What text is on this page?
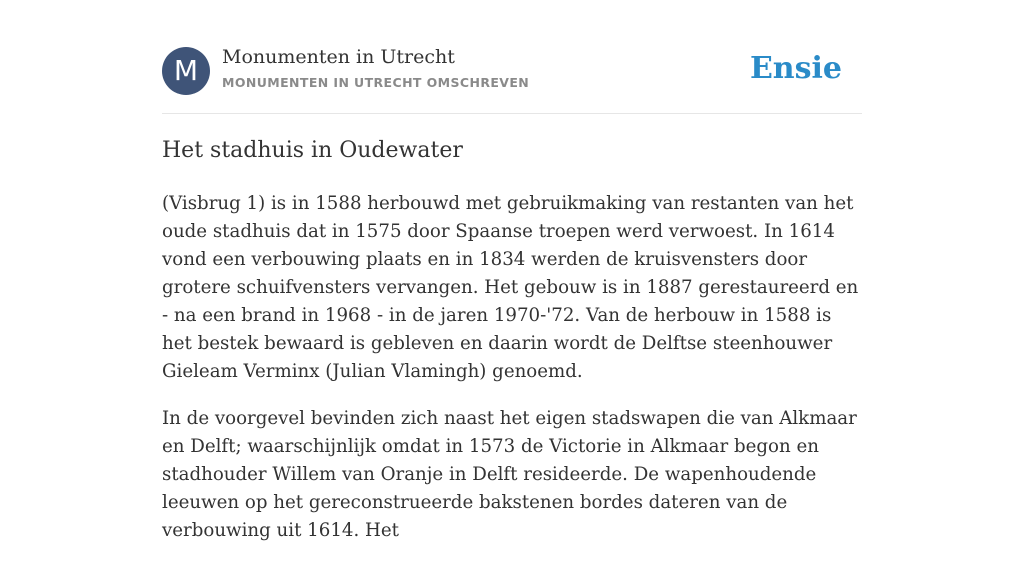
M	Monumenten in Utrecht
MONUMENTEN IN UTRECHT OMSCHREVEN	Ensie
Het stadhuis in Oudewater

(Visbrug 1) is in 1588 herbouwd met gebruikmaking van restanten van het oude stadhuis dat in 1575 door Spaanse troepen werd verwoest. In 1614 vond een verbouwing plaats en in 1834 werden de kruisvensters door grotere schuifvensters vervangen. Het gebouw is in 1887 gerestaureerd en - na een brand in 1968 - in de jaren 1970-'72. Van de herbouw in 1588 is het bestek bewaard is gebleven en daarin wordt de Delftse steenhouwer Gieleam Verminx (Julian Vlamingh) genoemd.

In de voorgevel bevinden zich naast het eigen stadswapen die van Alkmaar en Delft; waarschijnlijk omdat in 1573 de Victorie in Alkmaar begon en stadhouder Willem van Oranje in Delft resideerde. De wapenhoudende leeuwen op het gereconstrueerde bakstenen bordes dateren van de verbouwing uit 1614. Het
